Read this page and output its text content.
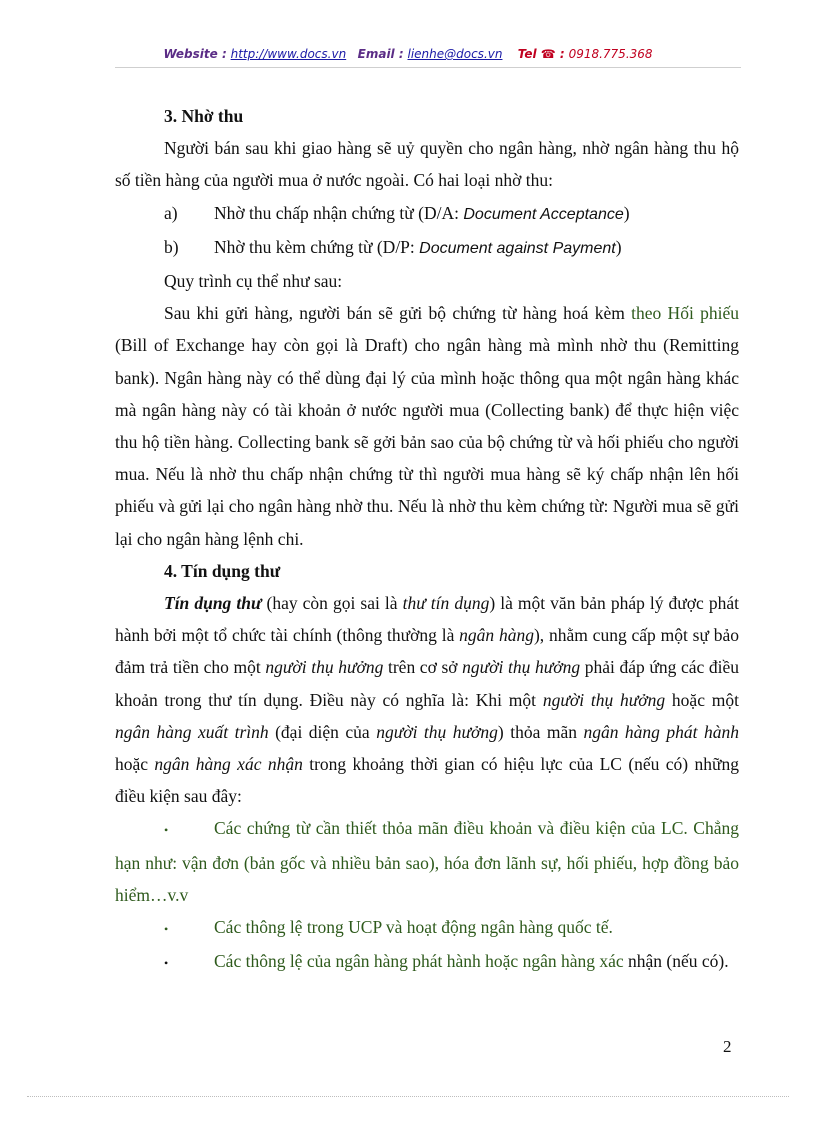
Website : http://www.docs.vn Email : lienhe@docs.vn Tel ☎ : 0918.775.368

3. Nhờ thu

Người bán sau khi giao hàng sẽ uỷ quyền cho ngân hàng, nhờ ngân hàng thu hộ số tiền hàng của người mua ở nước ngoài. Có hai loại nhờ thu:

a) Nhờ thu chấp nhận chứng từ (D/A: Document Acceptance)

b) Nhờ thu kèm chứng từ (D/P: Document against Payment)

Quy trình cụ thể như sau:

Sau khi gửi hàng, người bán sẽ gửi bộ chứng từ hàng hoá kèm theo Hối phiếu (Bill of Exchange hay còn gọi là Draft) cho ngân hàng mà mình nhờ thu (Remitting bank). Ngân hàng này có thể dùng đại lý của mình hoặc thông qua một ngân hàng khác mà ngân hàng này có tài khoản ở nước người mua (Collecting bank) để thực hiện việc thu hộ tiền hàng. Collecting bank sẽ gởi bản sao của bộ chứng từ và hối phiếu cho người mua. Nếu là nhờ thu chấp nhận chứng từ thì người mua hàng sẽ ký chấp nhận lên hối phiếu và gửi lại cho ngân hàng nhờ thu. Nếu là nhờ thu kèm chứng từ: Người mua sẽ gửi lại cho ngân hàng lệnh chi.

4. Tín dụng thư

Tín dụng thư (hay còn gọi sai là thư tín dụng) là một văn bản pháp lý được phát hành bởi một tổ chức tài chính (thông thường là ngân hàng), nhằm cung cấp một sự bảo đảm trả tiền cho một người thụ hưởng trên cơ sở người thụ hưởng phải đáp ứng các điều khoản trong thư tín dụng. Điều này có nghĩa là: Khi một người thụ hưởng hoặc một ngân hàng xuất trình (đại diện của người thụ hưởng) thỏa mãn ngân hàng phát hành hoặc ngân hàng xác nhận trong khoảng thời gian có hiệu lực của LC (nếu có) những điều kiện sau đây:

•	Các chứng từ cần thiết thỏa mãn điều khoản và điều kiện của LC. Chẳng hạn như: vận đơn (bản gốc và nhiều bản sao), hóa đơn lãnh sự, hối phiếu, hợp đồng bảo hiểm…v.v

•	Các thông lệ trong UCP và hoạt động ngân hàng quốc tế.

•	Các thông lệ của ngân hàng phát hành hoặc ngân hàng xác nhận (nếu có).

2
